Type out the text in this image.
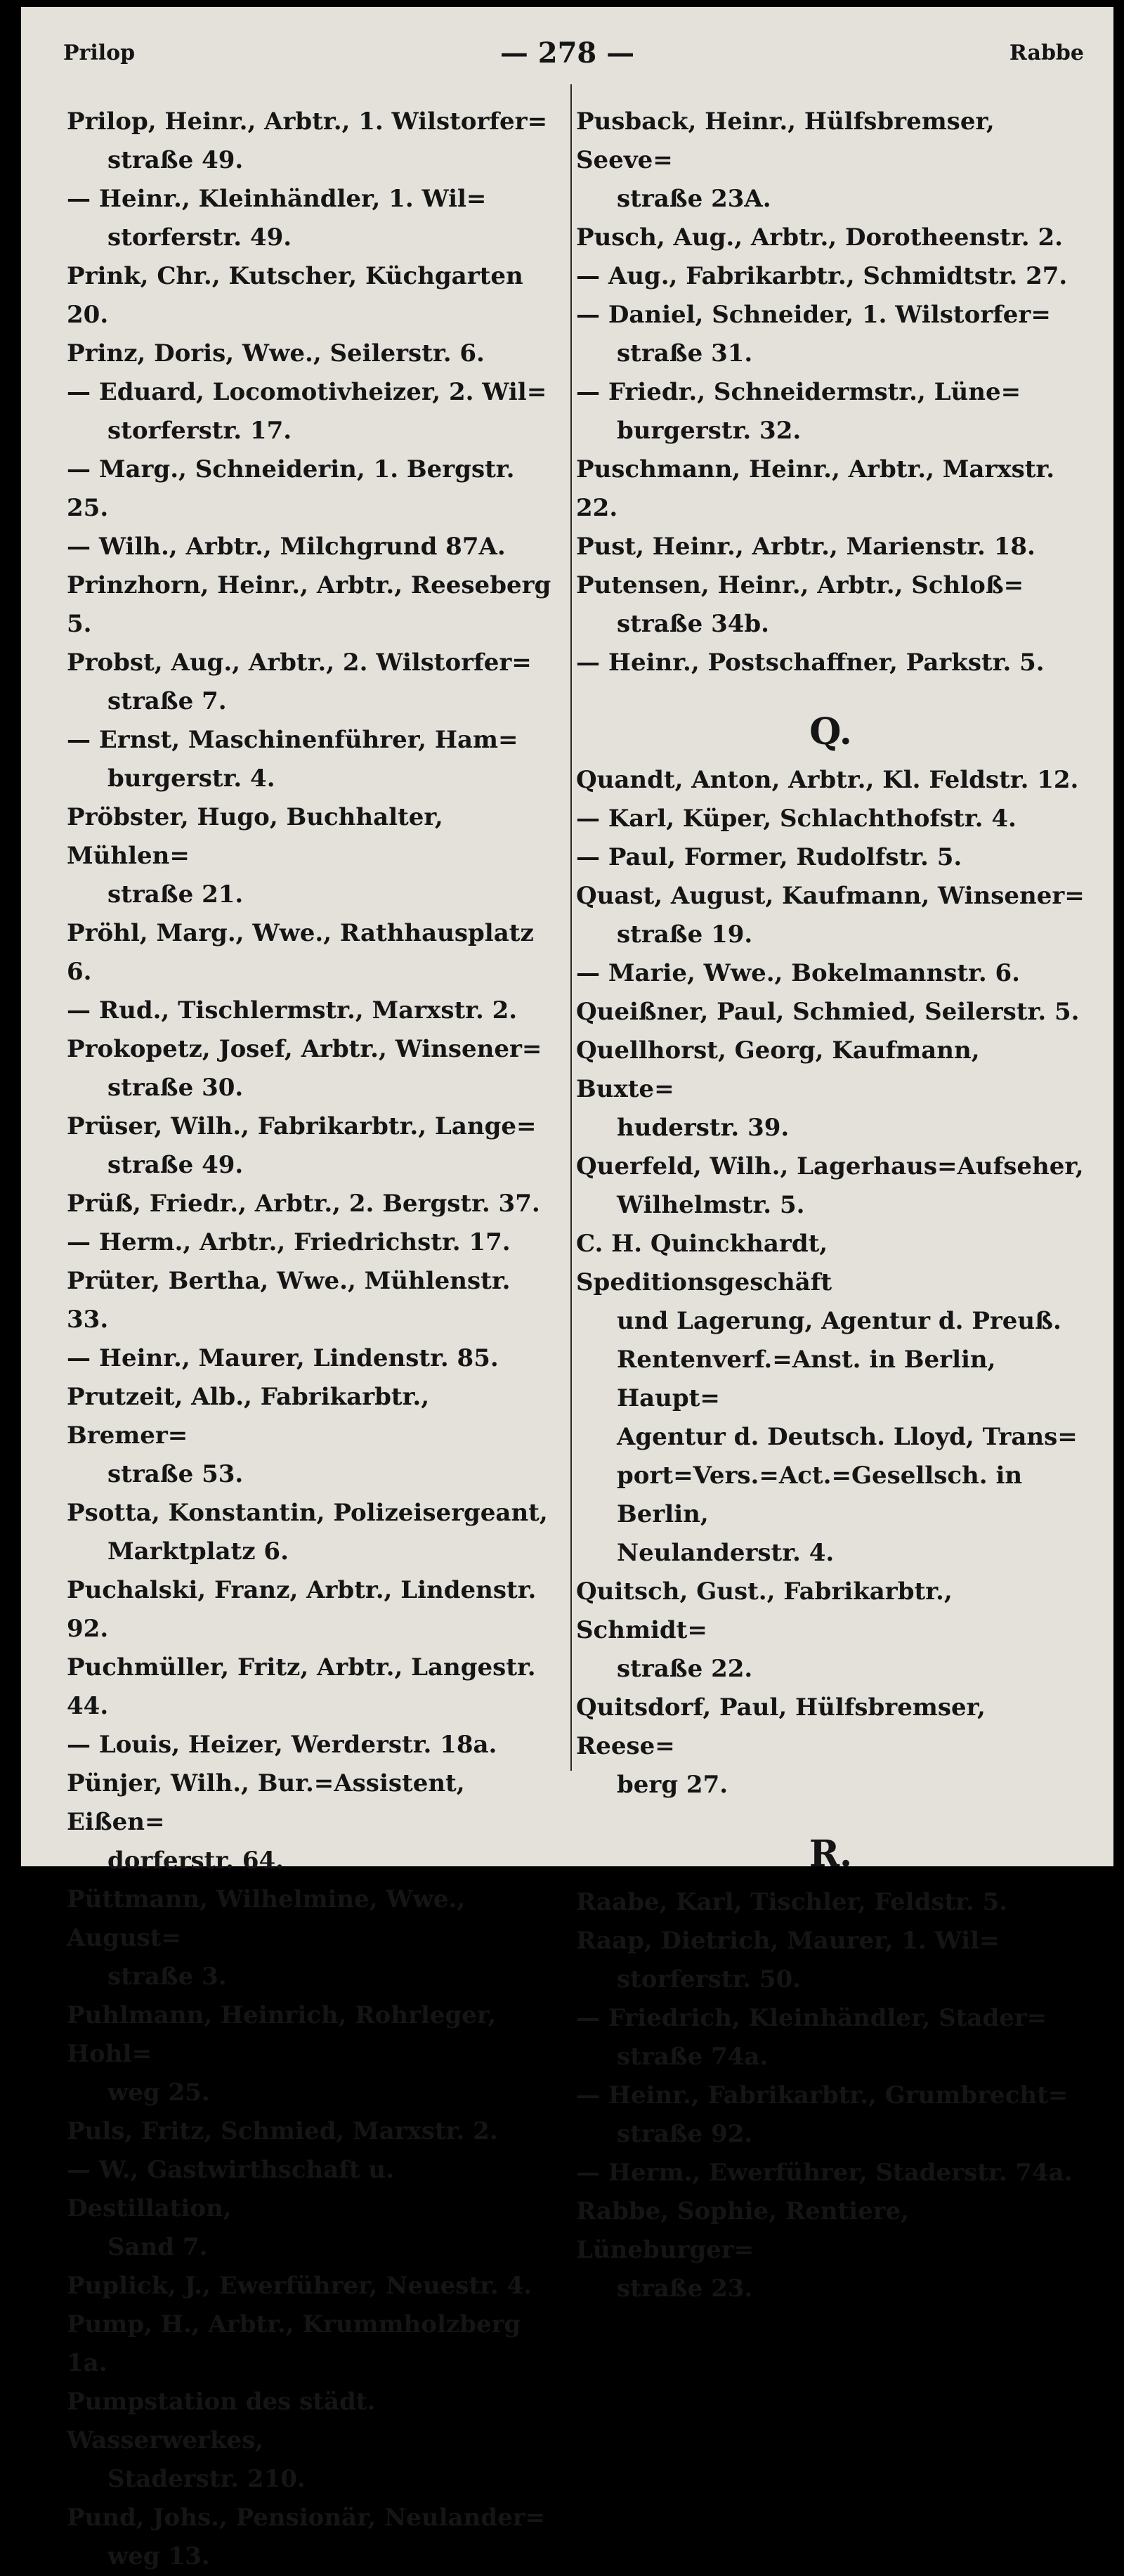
Prilop	— 278 —	Rabbe
Prilop, Heinr., Arbtr., 1. Wilstorfer=
straße 49.
— Heinr., Kleinhändler, 1. Wil=
storferstr. 49.
Prink, Chr., Kutscher, Küchgarten 20.
Prinz, Doris, Wwe., Seilerstr. 6.
— Eduard, Locomotivheizer, 2. Wil=
storferstr. 17.
— Marg., Schneiderin, 1. Bergstr. 25.
— Wilh., Arbtr., Milchgrund 87A.
Prinzhorn, Heinr., Arbtr., Reeseberg 5.
Probst, Aug., Arbtr., 2. Wilstorfer=
straße 7.
— Ernst, Maschinenführer, Ham=
burgerstr. 4.
Pröbster, Hugo, Buchhalter, Mühlen=
straße 21.
Pröhl, Marg., Wwe., Rathhausplatz 6.
— Rud., Tischlermstr., Marxstr. 2.
Prokopetz, Josef, Arbtr., Winsener=
straße 30.
Prüser, Wilh., Fabrikarbtr., Lange=
straße 49.
Prüß, Friedr., Arbtr., 2. Bergstr. 37.
— Herm., Arbtr., Friedrichstr. 17.
Prüter, Bertha, Wwe., Mühlenstr. 33.
— Heinr., Maurer, Lindenstr. 85.
Prutzeit, Alb., Fabrikarbtr., Bremer=
straße 53.
Psotta, Konstantin, Polizeisergeant,
Marktplatz 6.
Puchalski, Franz, Arbtr., Lindenstr. 92.
Puchmüller, Fritz, Arbtr., Langestr. 44.
— Louis, Heizer, Werderstr. 18a.
Pünjer, Wilh., Bur.=Assistent, Eißen=
dorferstr. 64.
Püttmann, Wilhelmine, Wwe., August=
straße 3.
Puhlmann, Heinrich, Rohrleger, Hohl=
weg 25.
Puls, Fritz, Schmied, Marxstr. 2.
— W., Gastwirthschaft u. Destillation,
Sand 7.
Puplick, J., Ewerführer, Neuestr. 4.
Pump, H., Arbtr., Krummholzberg 1a.
Pumpstation des städt. Wasserwerkes,
Staderstr. 210.
Pund, Johs., Pensionär, Neulander=
weg 13.
Pusback, Heinr., Hülfsbremser, Seeve=
straße 23A.
Pusch, Aug., Arbtr., Dorotheenstr. 2.
— Aug., Fabrikarbtr., Schmidtstr. 27.
— Daniel, Schneider, 1. Wilstorfer=
straße 31.
— Friedr., Schneidermstr., Lüne=
burgerstr. 32.
Puschmann, Heinr., Arbtr., Marxstr. 22.
Pust, Heinr., Arbtr., Marienstr. 18.
Putensen, Heinr., Arbtr., Schloß=
straße 34b.
— Heinr., Postschaffner, Parkstr. 5.
Q.
Quandt, Anton, Arbtr., Kl. Feldstr. 12.
— Karl, Küper, Schlachthofstr. 4.
— Paul, Former, Rudolfstr. 5.
Quast, August, Kaufmann, Winsener=
straße 19.
— Marie, Wwe., Bokelmannstr. 6.
Queißner, Paul, Schmied, Seilerstr. 5.
Quellhorst, Georg, Kaufmann, Buxte=
huderstr. 39.
Querfeld, Wilh., Lagerhaus=Aufseher,
Wilhelmstr. 5.
C. H. Quinckhardt, Speditionsgeschäft
und Lagerung, Agentur d. Preuß.
Rentenverf.=Anst. in Berlin, Haupt=
Agentur d. Deutsch. Lloyd, Trans=
port=Vers.=Act.=Gesellsch. in Berlin,
Neulanderstr. 4.
Quitsch, Gust., Fabrikarbtr., Schmidt=
straße 22.
Quitsdorf, Paul, Hülfsbremser, Reese=
berg 27.
R.
Raabe, Karl, Tischler, Feldstr. 5.
Raap, Dietrich, Maurer, 1. Wil=
storferstr. 50.
— Friedrich, Kleinhändler, Stader=
straße 74a.
— Heinr., Fabrikarbtr., Grumbrecht=
straße 92.
— Herm., Ewerführer, Staderstr. 74a.
Rabbe, Sophie, Rentiere, Lüneburger=
straße 23.
